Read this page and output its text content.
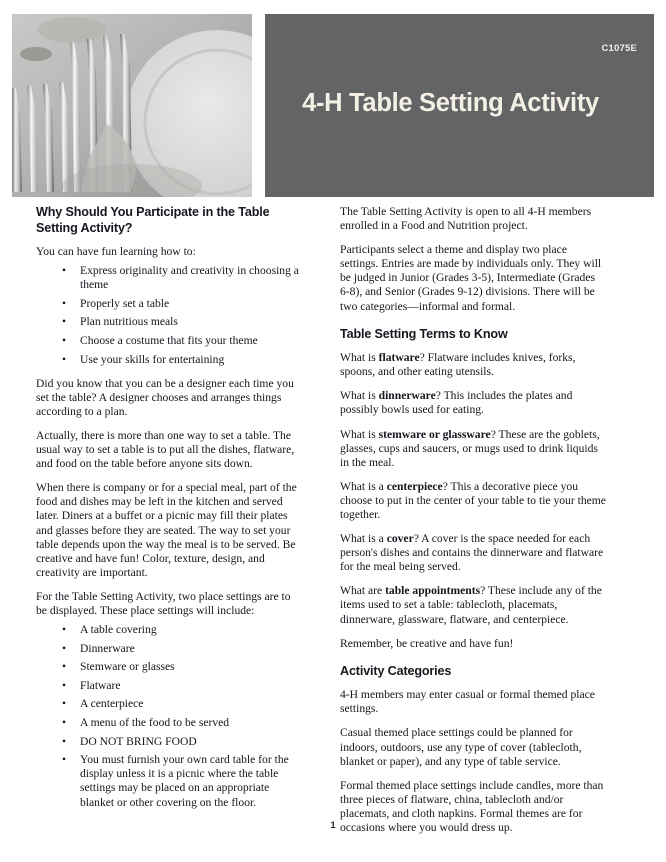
C1075E
4-H Table Setting Activity
Why Should You Participate in the Table Setting Activity?

You can have fun learning how to:

• Express originality and creativity in choosing a theme
• Properly set a table
• Plan nutritious meals
• Choose a costume that fits your theme
• Use your skills for entertaining

Did you know that you can be a designer each time you set the table? A designer chooses and arranges things according to a plan.

Actually, there is more than one way to set a table. The usual way to set a table is to put all the dishes, flatware, and food on the table before anyone sits down.

When there is company or for a special meal, part of the food and dishes may be left in the kitchen and served later. Diners at a buffet or a picnic may fill their plates and glasses before they are seated. The way to set your table depends upon the way the meal is to be served. Be creative and have fun! Color, texture, design, and creativity are important.

For the Table Setting Activity, two place settings are to be displayed. These place settings will include:

• A table covering
• Dinnerware
• Stemware or glasses
• Flatware
• A centerpiece
• A menu of the food to be served
• DO NOT BRING FOOD
• You must furnish your own card table for the display unless it is a picnic where the table settings may be placed on an appropriate blanket or other covering on the floor.

The Table Setting Activity is open to all 4-H members enrolled in a Food and Nutrition project.

Participants select a theme and display two place settings. Entries are made by individuals only. They will be judged in Junior (Grades 3-5), Intermediate (Grades 6-8), and Senior (Grades 9-12) divisions. There will be two categories—informal and formal.

Table Setting Terms to Know

What is flatware? Flatware includes knives, forks, spoons, and other eating utensils.

What is dinnerware? This includes the plates and possibly bowls used for eating.

What is stemware or glassware? These are the goblets, glasses, cups and saucers, or mugs used to drink liquids in the meal.

What is a centerpiece? This a decorative piece you choose to put in the center of your table to tie your theme together.

What is a cover? A cover is the space needed for each person's dishes and contains the dinnerware and flatware for the meal being served.

What are table appointments? These include any of the items used to set a table: tablecloth, placemats, dinnerware, glassware, flatware, and centerpiece.

Remember, be creative and have fun!

Activity Categories

4-H members may enter casual or formal themed place settings.

Casual themed place settings could be planned for indoors, outdoors, use any type of cover (tablecloth, blanket or paper), and any type of table service.

Formal themed place settings include candles, more than three pieces of flatware, china, tablecloth and/or placemats, and cloth napkins. Formal themes are for occasions where you would dress up.

1
